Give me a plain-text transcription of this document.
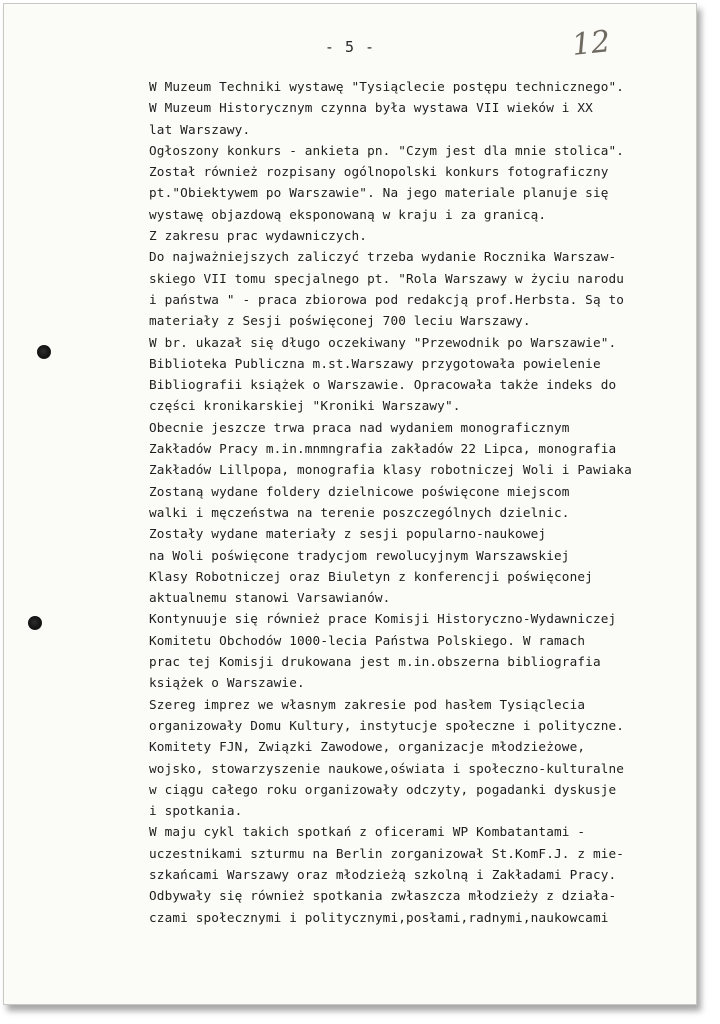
- 5 -	12
W Muzeum Techniki wystawę "Tysiąclecie postępu technicznego".
W Muzeum Historycznym czynna była wystawa VII wieków i XX
lat Warszawy.
Ogłoszony konkurs - ankieta pn. "Czym jest dla mnie stolica".
Został również rozpisany ogólnopolski konkurs fotograficzny
pt."Obiektywem po Warszawie". Na jego materiale planuje się
wystawę objazdową eksponowaną w kraju i za granicą.
Z zakresu prac wydawniczych.
Do najważniejszych zaliczyć trzeba wydanie Rocznika Warszaw-
skiego VII tomu specjalnego pt. "Rola Warszawy w życiu narodu
i państwa " - praca zbiorowa pod redakcją prof.Herbsta. Są to
materiały z Sesji poświęconej 700 leciu Warszawy.
W br. ukazał się długo oczekiwany "Przewodnik po Warszawie".
Biblioteka Publiczna m.st.Warszawy przygotowała powielenie
Bibliografii książek o Warszawie. Opracowała także indeks do
części kronikarskiej "Kroniki Warszawy".
Obecnie jeszcze trwa praca nad wydaniem monograficznym
Zakładów Pracy m.in.mnmngrafia zakładów 22 Lipca, monografia
Zakładów Lillpopa, monografia klasy robotniczej Woli i Pawiaka
Zostaną wydane foldery dzielnicowe poświęcone miejscom
walki i męczeństwa na terenie poszczególnych dzielnic.
Zostały wydane materiały z sesji popularno-naukowej
na Woli poświęcone tradycjom rewolucyjnym Warszawskiej
Klasy Robotniczej oraz Biuletyn z konferencji poświęconej
aktualnemu stanowi Varsawianów.
Kontynuuje się również prace Komisji Historyczno-Wydawniczej
Komitetu Obchodów 1000-lecia Państwa Polskiego. W ramach
prac tej Komisji drukowana jest m.in.obszerna bibliografia
książek o Warszawie.
Szereg imprez we własnym zakresie pod hasłem Tysiąclecia
organizowały Domu Kultury, instytucje społeczne i polityczne.
Komitety FJN, Związki Zawodowe, organizacje młodzieżowe,
wojsko, stowarzyszenie naukowe,oświata i społeczno-kulturalne
w ciągu całego roku organizowały odczyty, pogadanki dyskusje
i spotkania.
W maju cykl takich spotkań z oficerami WP Kombatantami -
uczestnikami szturmu na Berlin zorganizował St.KomF.J. z mie-
szkańcami Warszawy oraz młodzieżą szkolną i Zakładami Pracy.
Odbywały się również spotkania zwłaszcza młodzieży z działa-
czami społecznymi i politycznymi,posłami,radnymi,naukowcami
